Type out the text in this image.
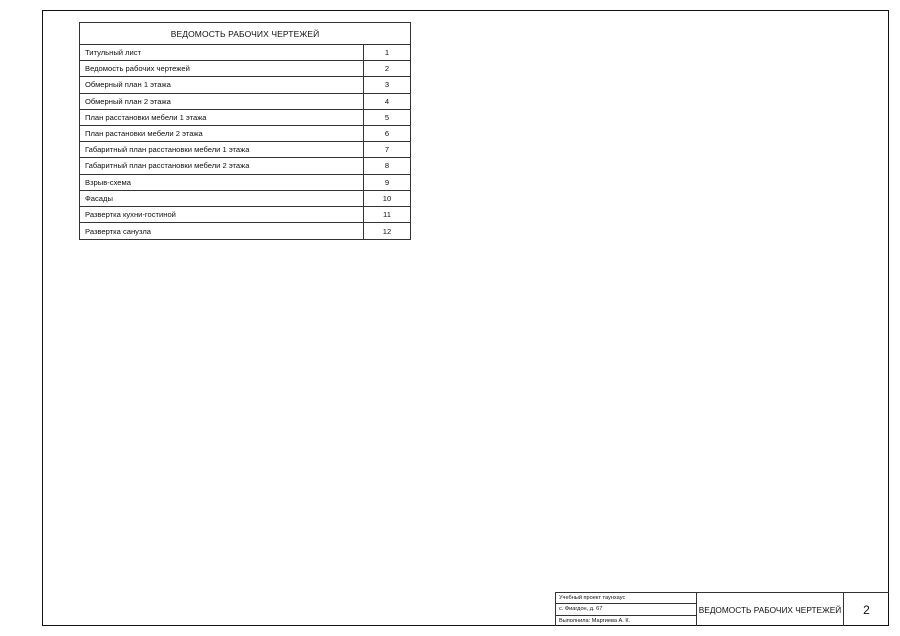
ВЕДОМОСТЬ РАБОЧИХ ЧЕРТЕЖЕЙ
Титульный лист	1
Ведомость рабочих чертежей	2
Обмерный план 1 этажа	3
Обмерный план 2 этажа	4
План расстановки мебели 1 этажа	5
План растановки мебели 2 этажа	6
Габаритный план расстановки мебели 1 этажа	7
Габаритный план расстановки мебели 2 этажа	8
Взрыв-схема	9
Фасады	10
Развертка кухни-гостиной	11
Развертка санузла	12
Учебный проект таунхаус
с. Фиагдон, д. 67
Выполнила: Маргиева А. К.
ВЕДОМОСТЬ РАБОЧИХ ЧЕРТЕЖЕЙ	2
